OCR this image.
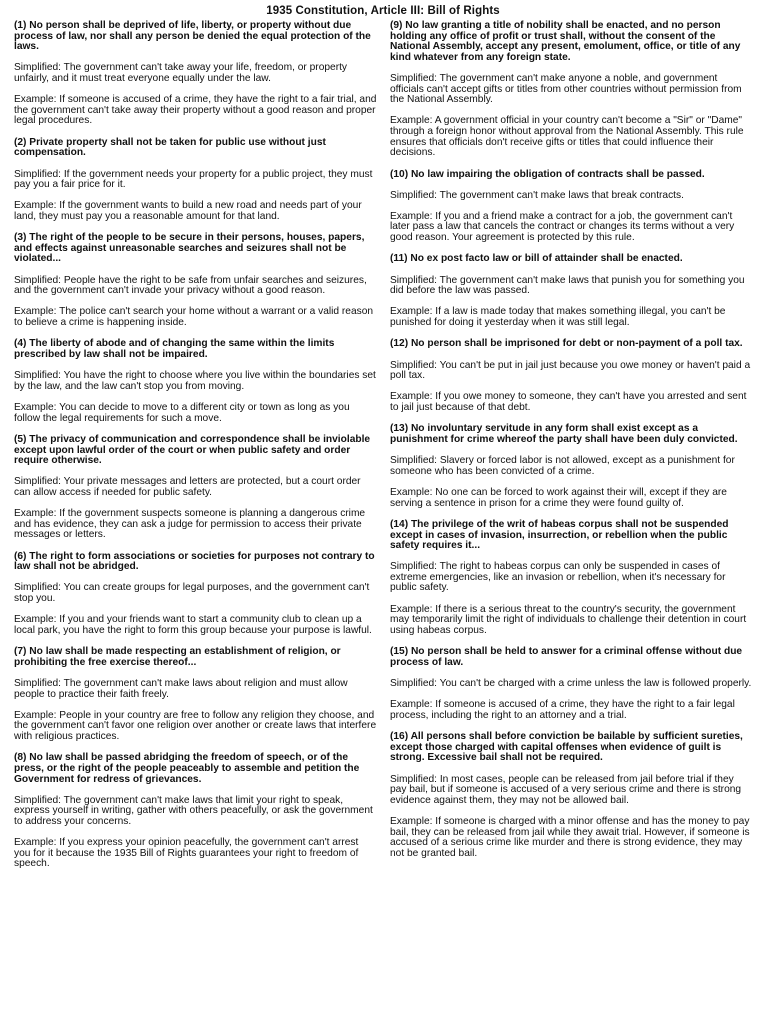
1935 Constitution, Article III: Bill of Rights

(1) No person shall be deprived of life, liberty, or property without due process of law, nor shall any person be denied the equal protection of the laws.

Simplified: The government can't take away your life, freedom, or property unfairly, and it must treat everyone equally under the law.

Example: If someone is accused of a crime, they have the right to a fair trial, and the government can't take away their property without a good reason and proper legal procedures.

(2) Private property shall not be taken for public use without just compensation.

Simplified: If the government needs your property for a public project, they must pay you a fair price for it.

Example: If the government wants to build a new road and needs part of your land, they must pay you a reasonable amount for that land.

(3) The right of the people to be secure in their persons, houses, papers, and effects against unreasonable searches and seizures shall not be violated...

Simplified: People have the right to be safe from unfair searches and seizures, and the government can't invade your privacy without a good reason.

Example: The police can't search your home without a warrant or a valid reason to believe a crime is happening inside.

(4) The liberty of abode and of changing the same within the limits prescribed by law shall not be impaired.

Simplified: You have the right to choose where you live within the boundaries set by the law, and the law can't stop you from moving.

Example: You can decide to move to a different city or town as long as you follow the legal requirements for such a move.

(5) The privacy of communication and correspondence shall be inviolable except upon lawful order of the court or when public safety and order require otherwise.

Simplified: Your private messages and letters are protected, but a court order can allow access if needed for public safety.

Example: If the government suspects someone is planning a dangerous crime and has evidence, they can ask a judge for permission to access their private messages or letters.

(6) The right to form associations or societies for purposes not contrary to law shall not be abridged.

Simplified: You can create groups for legal purposes, and the government can't stop you.

Example: If you and your friends want to start a community club to clean up a local park, you have the right to form this group because your purpose is lawful.

(7) No law shall be made respecting an establishment of religion, or prohibiting the free exercise thereof...

Simplified: The government can't make laws about religion and must allow people to practice their faith freely.

Example: People in your country are free to follow any religion they choose, and the government can't favor one religion over another or create laws that interfere with religious practices.

(8) No law shall be passed abridging the freedom of speech, or of the press, or the right of the people peaceably to assemble and petition the Government for redress of grievances.

Simplified: The government can't make laws that limit your right to speak, express yourself in writing, gather with others peacefully, or ask the government to address your concerns.

Example: If you express your opinion peacefully, the government can't arrest you for it because the 1935 Bill of Rights guarantees your right to freedom of speech.

(9) No law granting a title of nobility shall be enacted, and no person holding any office of profit or trust shall, without the consent of the National Assembly, accept any present, emolument, office, or title of any kind whatever from any foreign state.

Simplified: The government can't make anyone a noble, and government officials can't accept gifts or titles from other countries without permission from the National Assembly.

Example: A government official in your country can't become a "Sir" or "Dame" through a foreign honor without approval from the National Assembly. This rule ensures that officials don't receive gifts or titles that could influence their decisions.

(10) No law impairing the obligation of contracts shall be passed.

Simplified: The government can't make laws that break contracts.

Example: If you and a friend make a contract for a job, the government can't later pass a law that cancels the contract or changes its terms without a very good reason. Your agreement is protected by this rule.

(11) No ex post facto law or bill of attainder shall be enacted.

Simplified: The government can't make laws that punish you for something you did before the law was passed.

Example: If a law is made today that makes something illegal, you can't be punished for doing it yesterday when it was still legal.

(12) No person shall be imprisoned for debt or non-payment of a poll tax.

Simplified: You can't be put in jail just because you owe money or haven't paid a poll tax.

Example: If you owe money to someone, they can't have you arrested and sent to jail just because of that debt.

(13) No involuntary servitude in any form shall exist except as a punishment for crime whereof the party shall have been duly convicted.

Simplified: Slavery or forced labor is not allowed, except as a punishment for someone who has been convicted of a crime.

Example: No one can be forced to work against their will, except if they are serving a sentence in prison for a crime they were found guilty of.

(14) The privilege of the writ of habeas corpus shall not be suspended except in cases of invasion, insurrection, or rebellion when the public safety requires it...

Simplified: The right to habeas corpus can only be suspended in cases of extreme emergencies, like an invasion or rebellion, when it's necessary for public safety.

Example: If there is a serious threat to the country's security, the government may temporarily limit the right of individuals to challenge their detention in court using habeas corpus.

(15) No person shall be held to answer for a criminal offense without due process of law.

Simplified: You can't be charged with a crime unless the law is followed properly.

Example: If someone is accused of a crime, they have the right to a fair legal process, including the right to an attorney and a trial.

(16) All persons shall before conviction be bailable by sufficient sureties, except those charged with capital offenses when evidence of guilt is strong. Excessive bail shall not be required.

Simplified: In most cases, people can be released from jail before trial if they pay bail, but if someone is accused of a very serious crime and there is strong evidence against them, they may not be allowed bail.

Example: If someone is charged with a minor offense and has the money to pay bail, they can be released from jail while they await trial. However, if someone is accused of a serious crime like murder and there is strong evidence, they may not be granted bail.
